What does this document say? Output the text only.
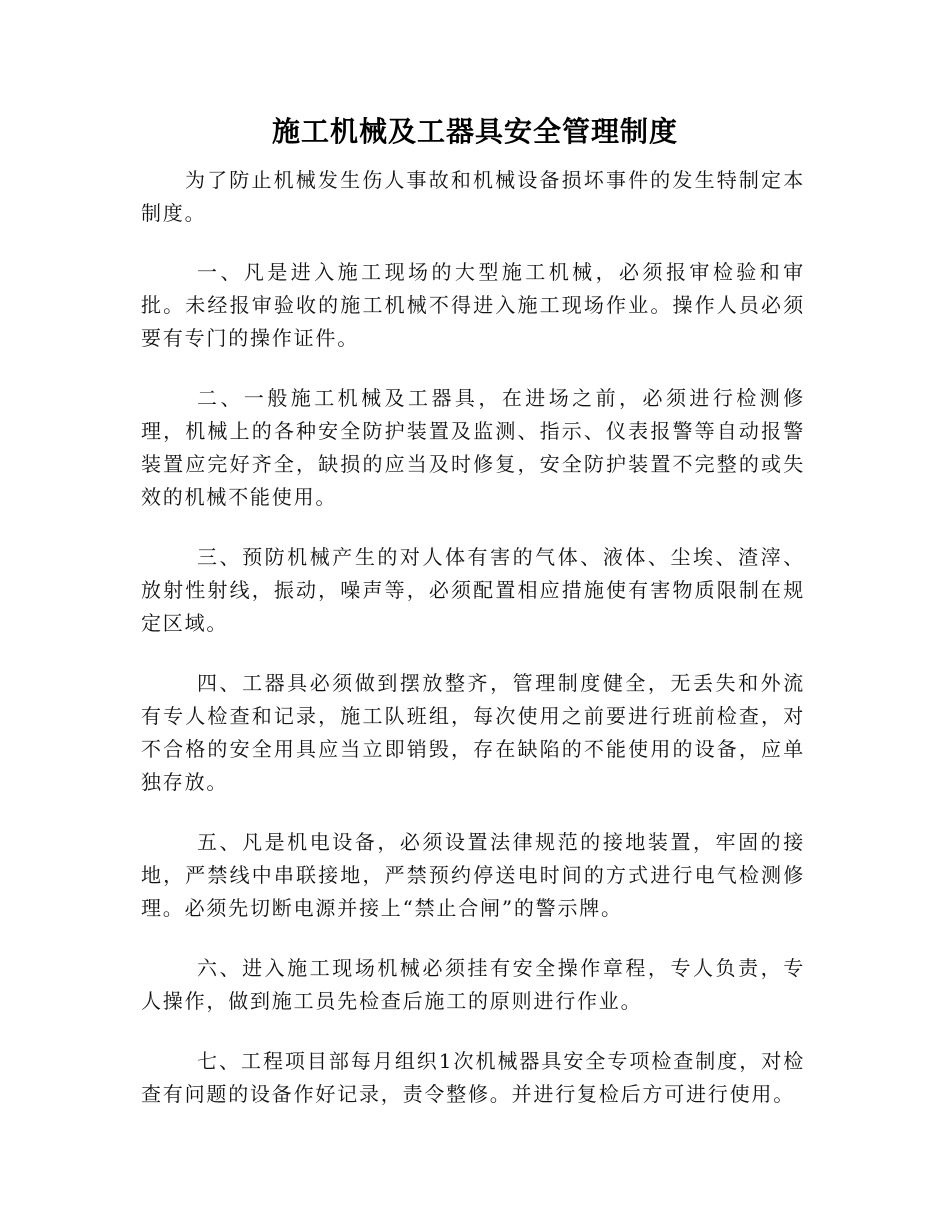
施工机械及工器具安全管理制度

为了防止机械发生伤人事故和机械设备损坏事件的发生特制定本制度。

一、凡是进入施工现场的大型施工机械，必须报审检验和审批。未经报审验收的施工机械不得进入施工现场作业。操作人员必须要有专门的操作证件。

二、一般施工机械及工器具，在进场之前，必须进行检测修理，机械上的各种安全防护装置及监测、指示、仪表报警等自动报警装置应完好齐全，缺损的应当及时修复，安全防护装置不完整的或失效的机械不能使用。

三、预防机械产生的对人体有害的气体、液体、尘埃、渣滓、放射性射线，振动，噪声等，必须配置相应措施使有害物质限制在规定区域。

四、工器具必须做到摆放整齐，管理制度健全，无丢失和外流有专人检查和记录，施工队班组，每次使用之前要进行班前检查，对不合格的安全用具应当立即销毁，存在缺陷的不能使用的设备，应单独存放。

五、凡是机电设备，必须设置法律规范的接地装置，牢固的接地，严禁线中串联接地，严禁预约停送电时间的方式进行电气检测修理。必须先切断电源并接上“禁止合闸”的警示牌。

六、进入施工现场机械必须挂有安全操作章程，专人负责，专人操作，做到施工员先检查后施工的原则进行作业。

七、工程项目部每月组织1次机械器具安全专项检查制度，对检查有问题的设备作好记录，责令整修。并进行复检后方可进行使用。
